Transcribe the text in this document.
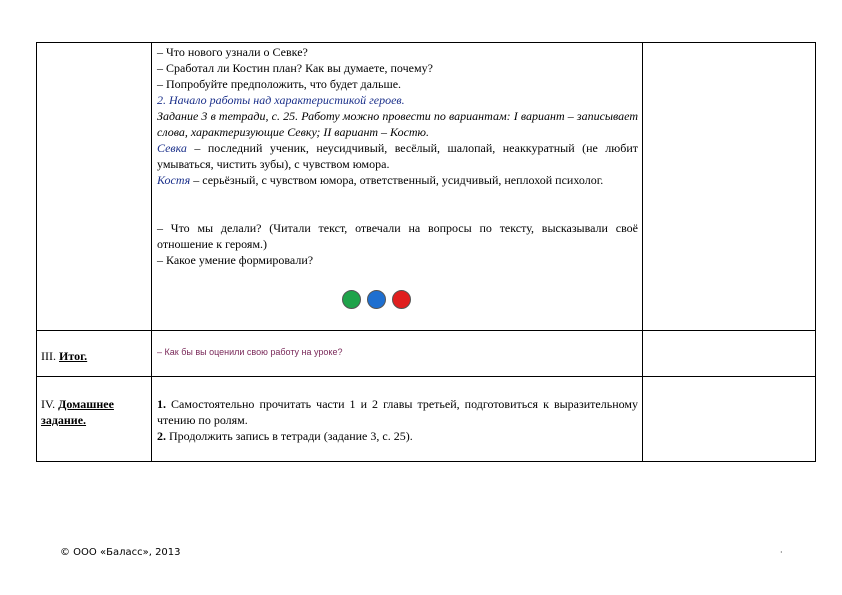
– Что нового узнали о Севке?

– Сработал ли Костин план? Как вы думаете, почему?

– Попробуйте предположить, что будет дальше.

2. Начало работы над характеристикой героев.

Задание 3 в тетради, с. 25. Работу можно провести по вариантам: I вариант – записывает слова, характеризующие Севку; II вариант – Костю.

Севка – последний ученик, неусидчивый, весёлый, шалопай, неаккуратный (не любит умываться, чистить зубы), с чувством юмора.

Костя – серьёзный, с чувством юмора, ответственный, усидчивый, неплохой психолог.

– Что мы делали? (Читали текст, отвечали на вопросы по тексту, высказывали своё отношение к героям.)

– Какое умение формировали?

III. Итог.	– Как бы вы оценили свою работу на уроке?

IV. Домашнее

задание.

1. Самостоятельно прочитать части 1 и 2 главы третьей, подготовиться к выразительному чтению по ролям.

2. Продолжить запись в тетради (задание 3, с. 25).

© ООО «Баласс», 2013	·
